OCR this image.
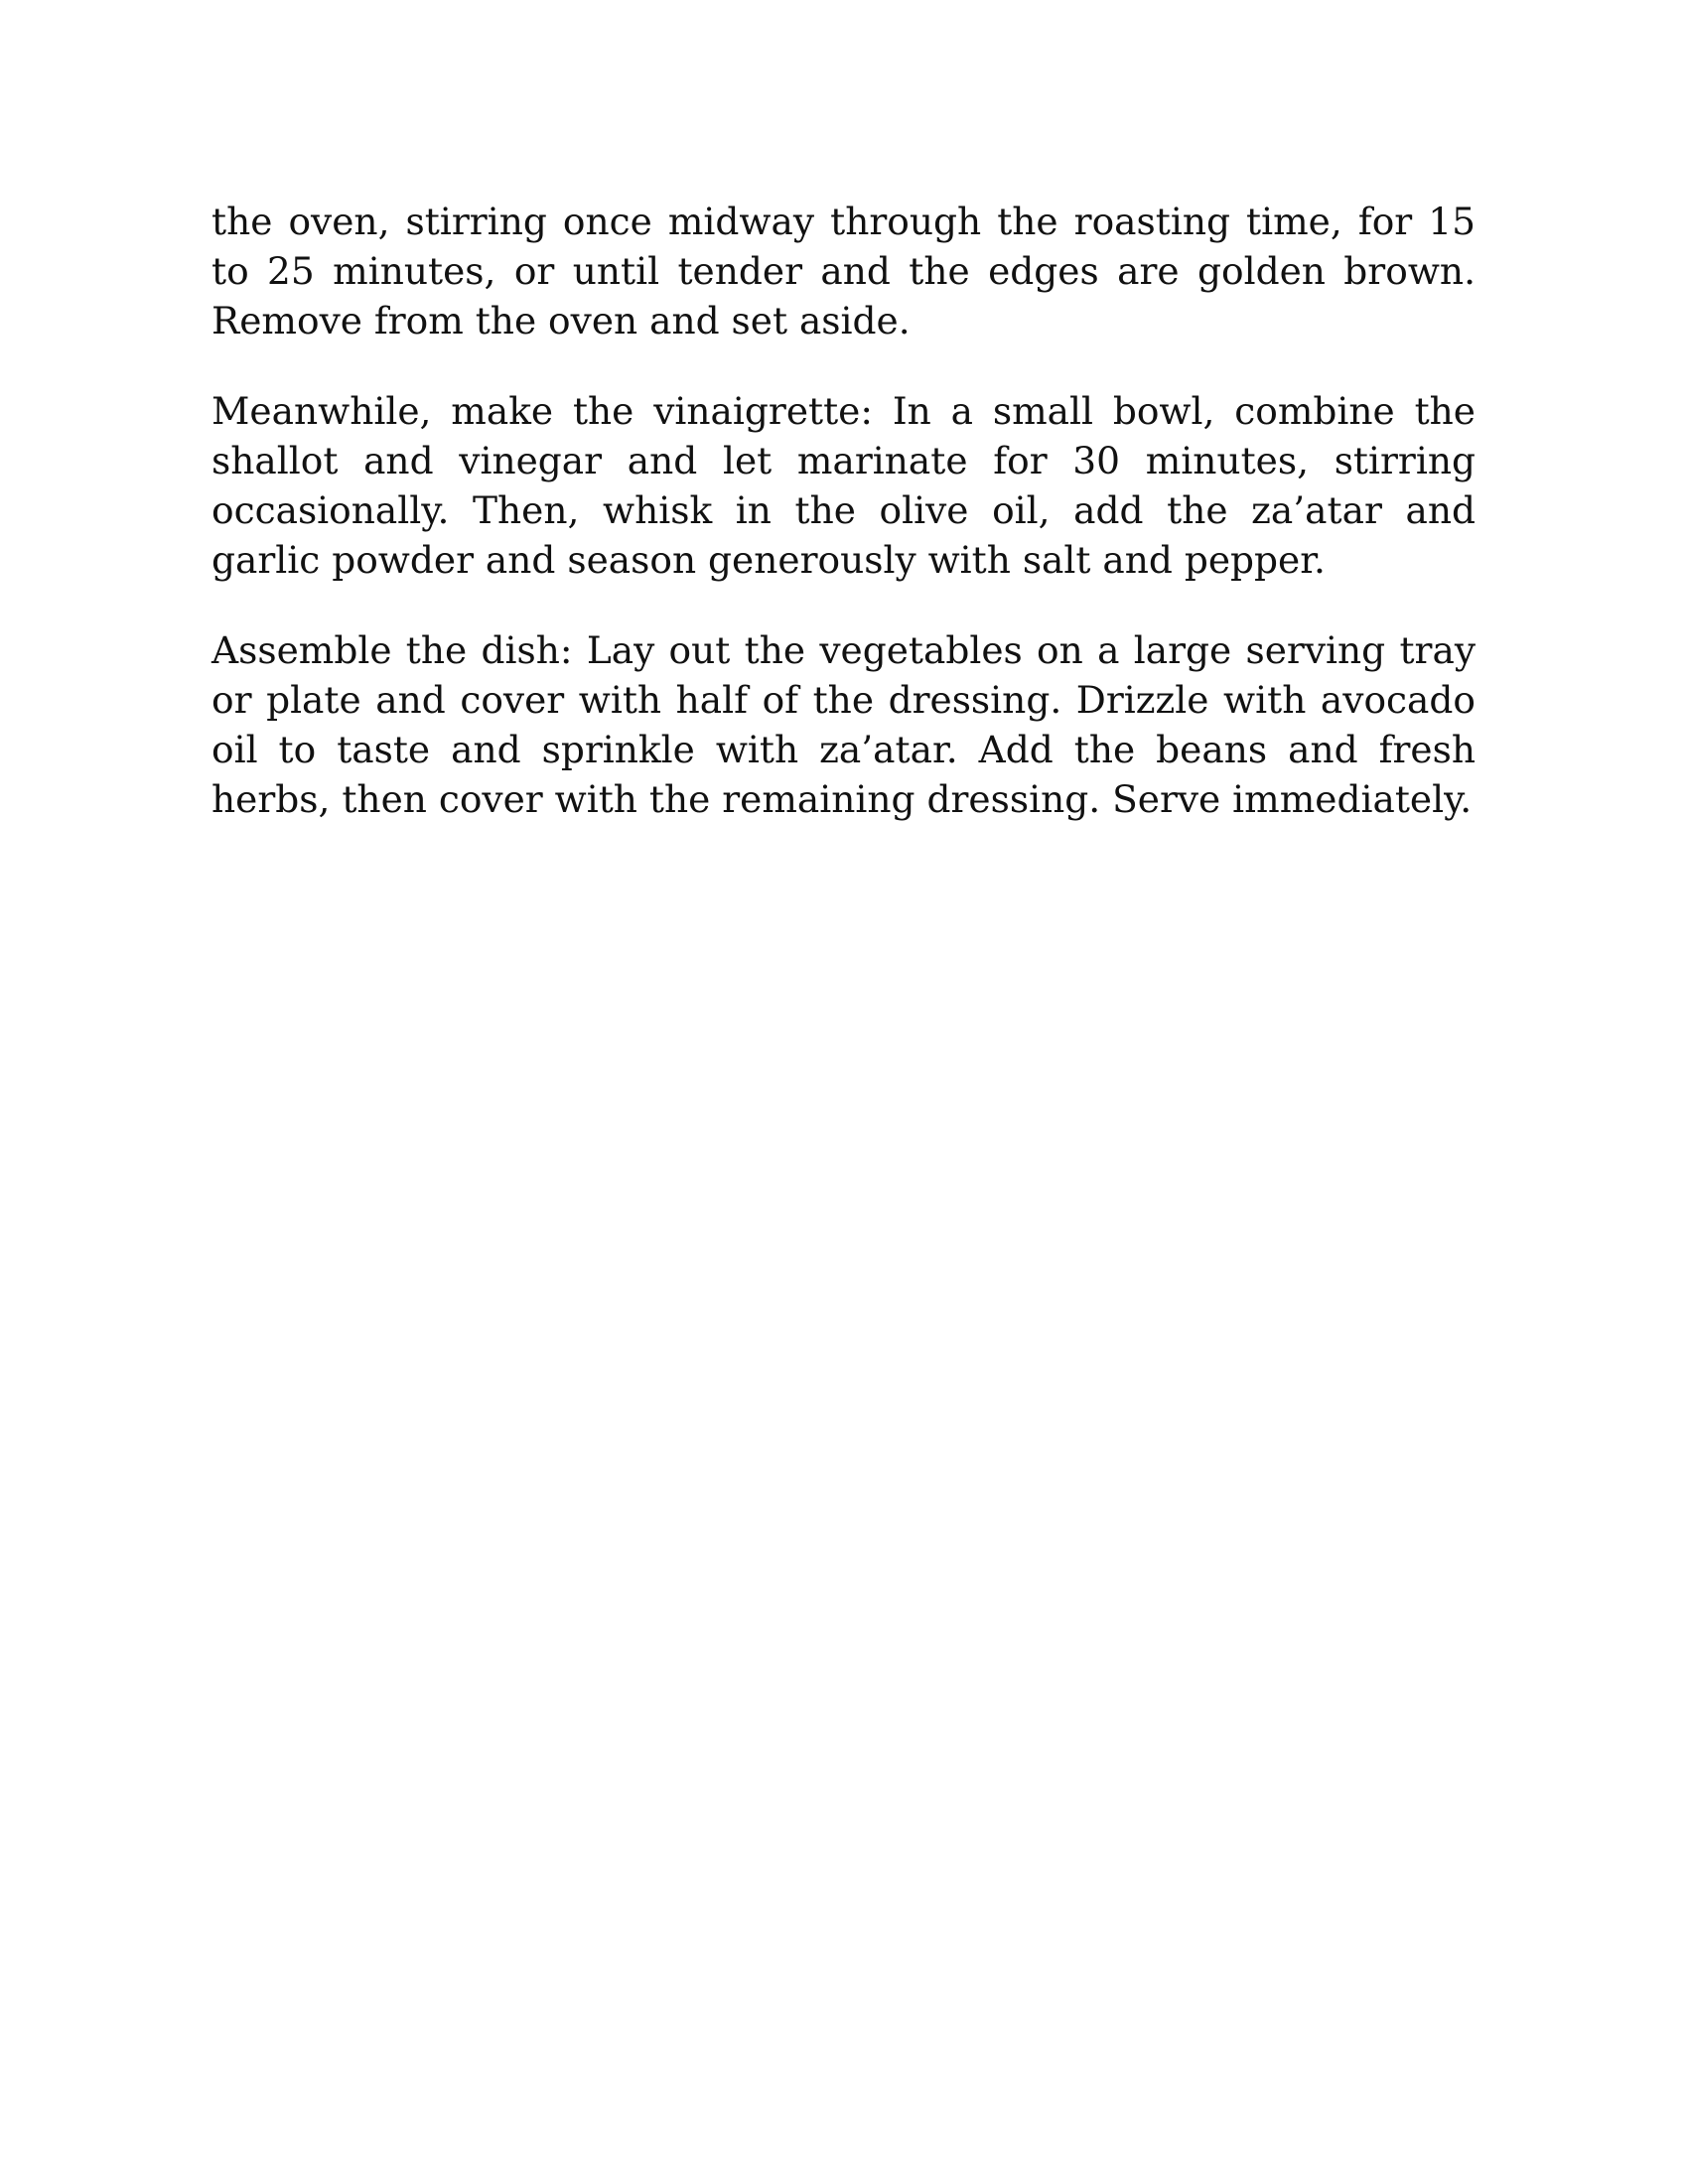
the oven, stirring once midway through the roasting time, for 15 to 25 minutes, or until tender and the edges are golden brown. Remove from the oven and set aside.

Meanwhile, make the vinaigrette: In a small bowl, combine the shallot and vinegar and let marinate for 30 minutes, stirring occasionally. Then, whisk in the olive oil, add the za’atar and garlic powder and season generously with salt and pepper.

Assemble the dish: Lay out the vegetables on a large serving tray or plate and cover with half of the dressing. Drizzle with avocado oil to taste and sprinkle with za’atar. Add the beans and fresh herbs, then cover with the remaining dressing. Serve immediately.
